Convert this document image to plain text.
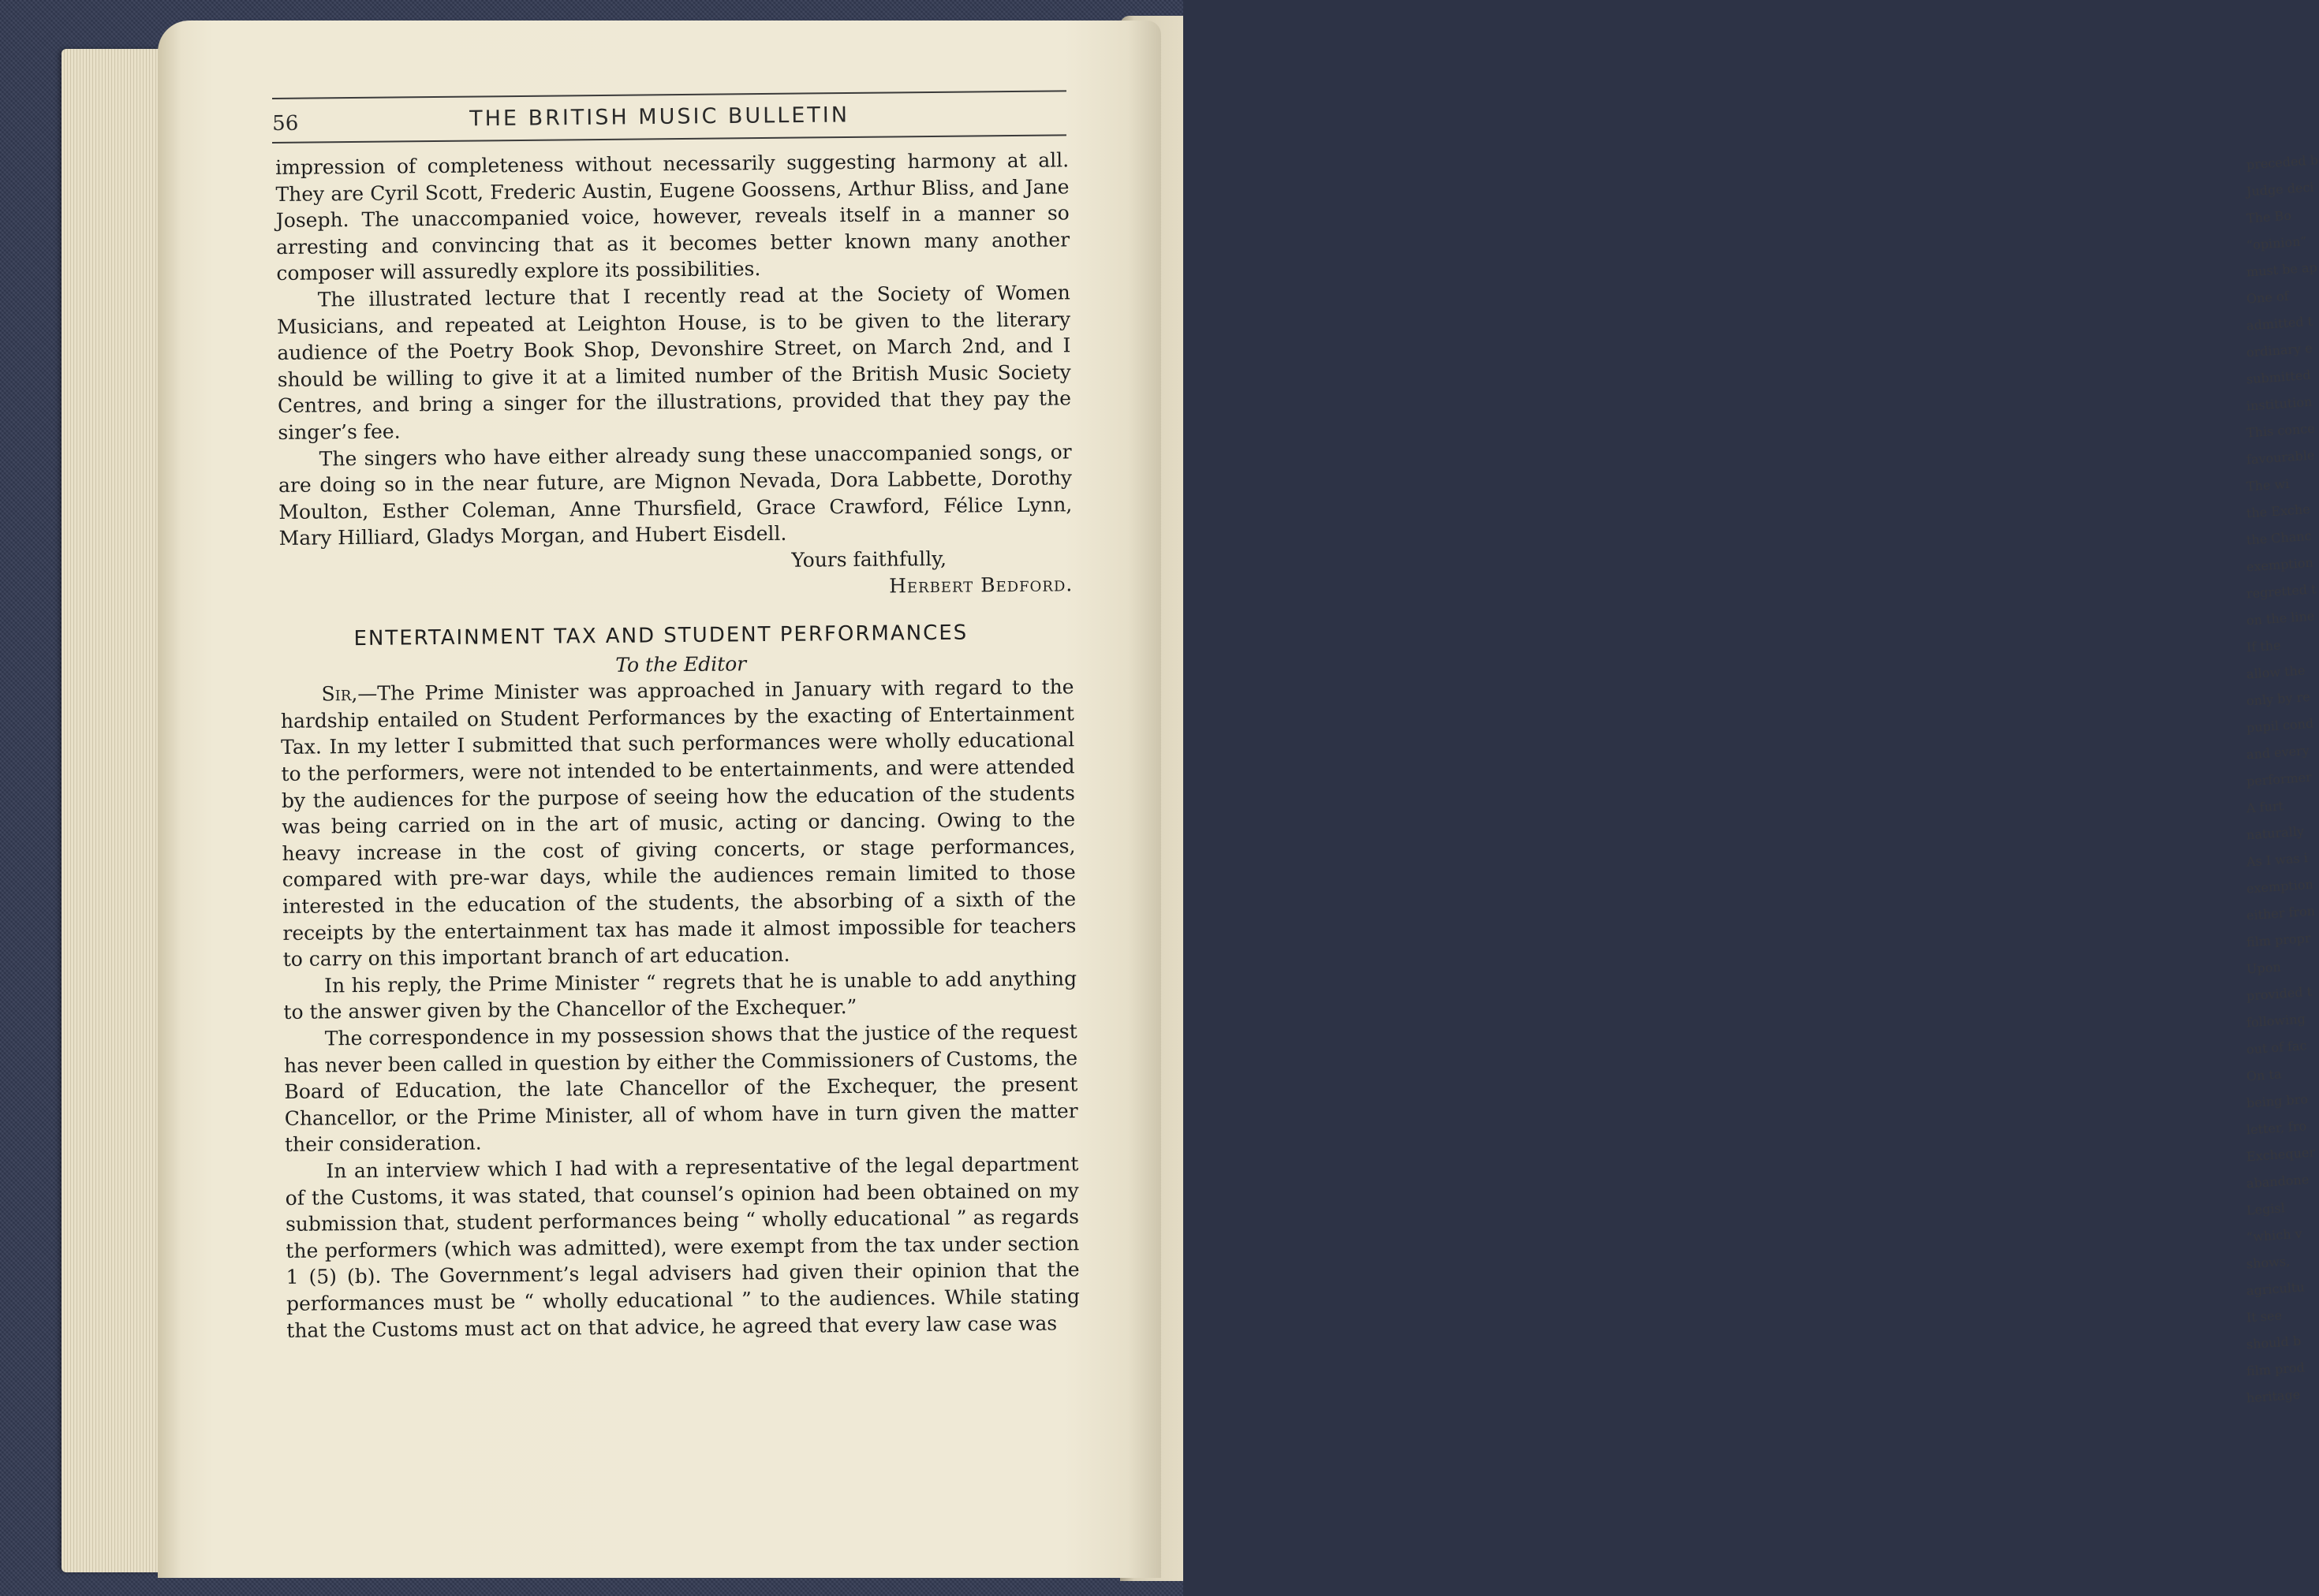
preceded b
Judge deci
The Bo
“opinion”
must be ap
One of
admitted t
ordinary e
submitted
institution
This conce
favourable
The wi
the Exche
the Chanc
exemption
regretted t
on the line
If the
allow the
only by re
pupil cond
and every
performer
A furt
naturally
As I was i
exemption
either fron
film propr
Upon
provided t
following
out of fac
On ta
being bro
letter, fro
Exchequer
abandone
Legisl
“which v
shows,
agricultu
It see
should b
film prod
heritage
56	THE BRITISH MUSIC BULLETIN

impression of completeness without necessarily suggesting harmony at all. They are Cyril Scott, Frederic Austin, Eugene Goossens, Arthur Bliss, and Jane Joseph. The unaccompanied voice, however, reveals itself in a manner so arresting and convincing that as it becomes better known many another composer will assuredly explore its possibilities.

The illustrated lecture that I recently read at the Society of Women Musicians, and repeated at Leighton House, is to be given to the literary audience of the Poetry Book Shop, Devonshire Street, on March 2nd, and I should be willing to give it at a limited number of the British Music Society Centres, and bring a singer for the illustrations, provided that they pay the singer’s fee.

The singers who have either already sung these unaccompanied songs, or are doing so in the near future, are Mignon Nevada, Dora Labbette, Dorothy Moulton, Esther Coleman, Anne Thursfield, Grace Crawford, Félice Lynn, Mary Hilliard, Gladys Morgan, and Hubert Eisdell.

Yours faithfully,

Herbert Bedford.

ENTERTAINMENT TAX AND STUDENT PERFORMANCES

To the Editor

Sir,—The Prime Minister was approached in January with regard to the hardship entailed on Student Performances by the exacting of Entertainment Tax. In my letter I submitted that such performances were wholly educational to the performers, were not intended to be entertainments, and were attended by the audiences for the purpose of seeing how the education of the students was being carried on in the art of music, acting or dancing. Owing to the heavy increase in the cost of giving concerts, or stage performances, compared with pre-war days, while the audiences remain limited to those interested in the education of the students, the absorbing of a sixth of the receipts by the entertainment tax has made it almost impossible for teachers to carry on this important branch of art education.

In his reply, the Prime Minister “ regrets that he is unable to add anything to the answer given by the Chancellor of the Exchequer.”

The correspondence in my possession shows that the justice of the request has never been called in question by either the Commissioners of Customs, the Board of Education, the late Chancellor of the Exchequer, the present Chancellor, or the Prime Minister, all of whom have in turn given the matter their consideration.

In an interview which I had with a representative of the legal department of the Customs, it was stated, that counsel’s opinion had been obtained on my submission that, student performances being “ wholly educational ” as regards the performers (which was admitted), were exempt from the tax under section 1 (5) (b). The Government’s legal advisers had given their opinion that the performances must be “ wholly educational ” to the audiences. While stating that the Customs must act on that advice, he agreed that every law case was
